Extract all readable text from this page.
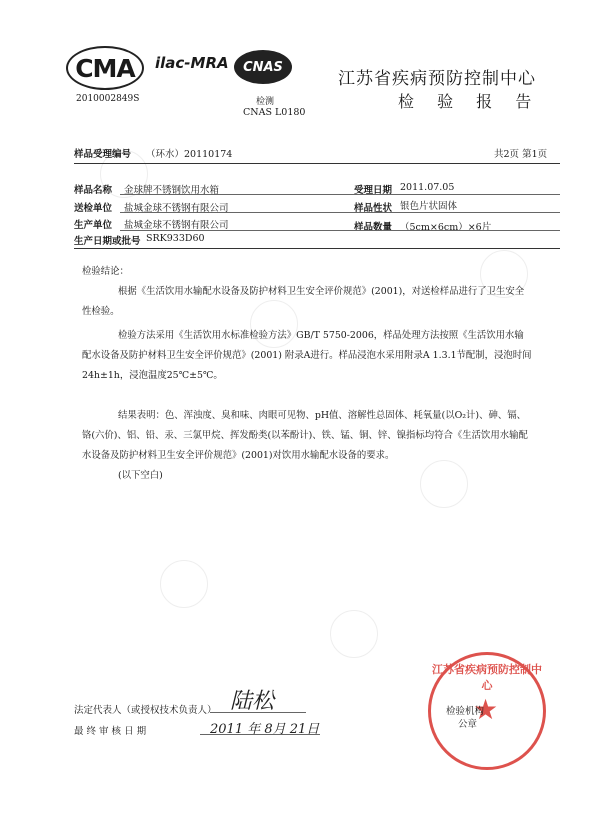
CMA ilac-MRA CNAS
2010002849S	检测
CNAS L0180
江苏省疾病预防控制中心
检 验 报 告
样品受理编号 （环水）20110174	共2页 第1页
样品名称 金球牌不锈钢饮用水箱	受理日期 2011.07.05
送检单位 盐城金球不锈钢有限公司	样品性状 银色片状固体
生产单位 盐城金球不锈钢有限公司	样品数量 （5cm×6cm）×6片
生产日期或批号 SRK933D60

检验结论：

根据《生活饮用水输配水设备及防护材料卫生安全评价规范》(2001)，对送检样品进行了卫生安全性检验。

检验方法采用《生活饮用水标准检验方法》GB/T 5750-2006，样品处理方法按照《生活饮用水输配水设备及防护材料卫生安全评价规范》(2001) 附录A进行。样品浸泡水采用附录A 1.3.1节配制，浸泡时间24h±1h，浸泡温度25℃±5℃。

结果表明：色、浑浊度、臭和味、肉眼可见物、pH值、溶解性总固体、耗氧量(以O₂计)、砷、镉、铬(六价)、铝、铅、汞、三氯甲烷、挥发酚类(以苯酚计)、铁、锰、铜、锌、镍指标均符合《生活饮用水输配水设备及防护材料卫生安全评价规范》(2001)对饮用水输配水设备的要求。

(以下空白)

法定代表人（或授权技术负责人） 陆松
最 终 审 核 日 期	2011 年 8月 21日
江苏省疾病预防控制中心
★
检验机构
公章
